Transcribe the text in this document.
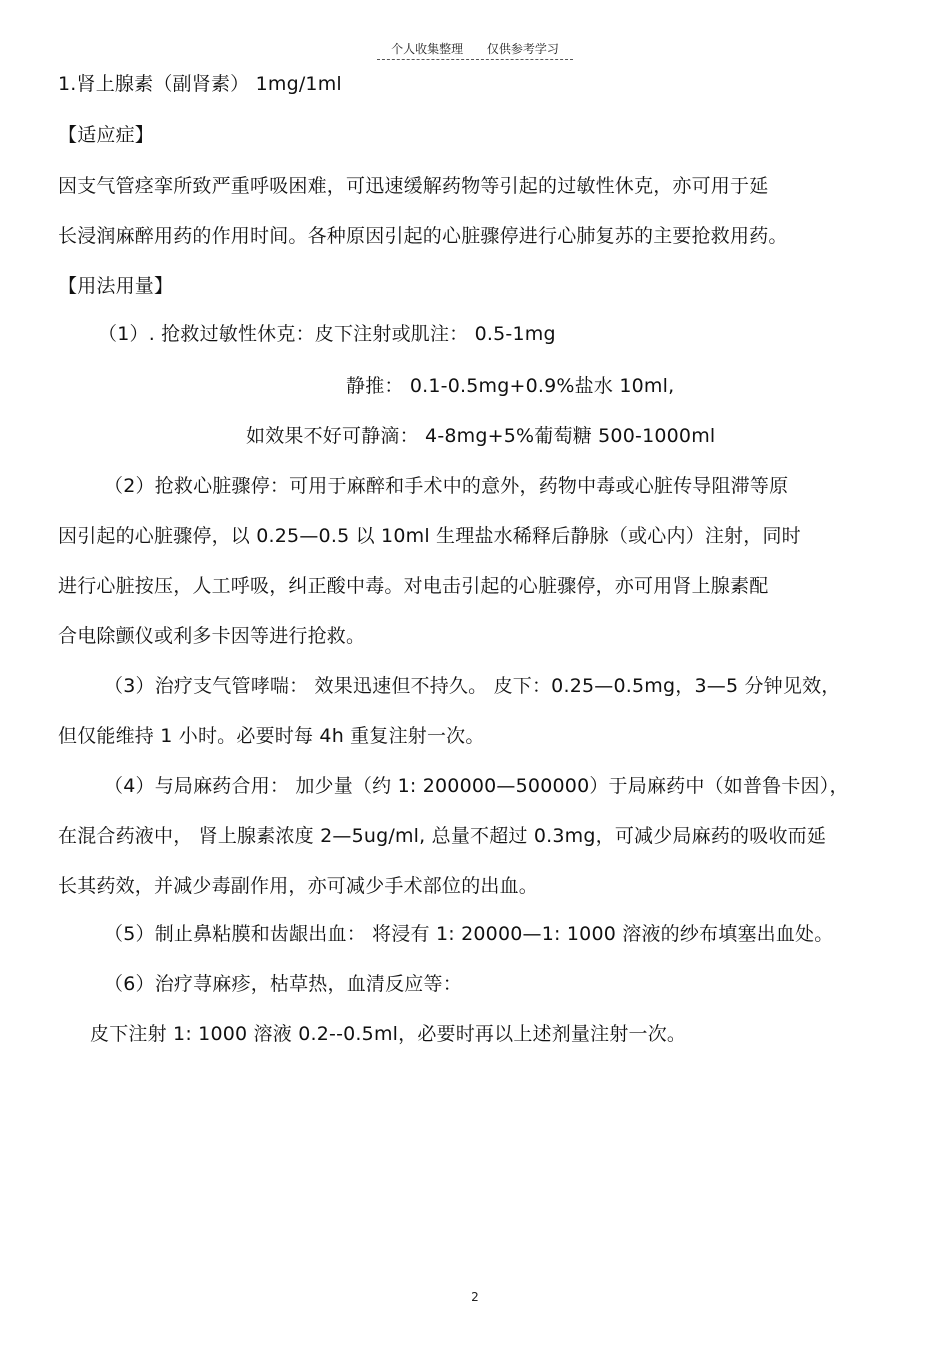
个人收集整理 仅供参考学习
1.肾上腺素（副肾素） 1mg/1ml
【适应症】
因支气管痉挛所致严重呼吸困难，可迅速缓解药物等引起的过敏性休克，亦可用于延
长浸润麻醉用药的作用时间。各种原因引起的心脏骤停进行心肺复苏的主要抢救用药。
【用法用量】
（1）. 抢救过敏性休克：皮下注射或肌注： 0.5-1mg
静推： 0.1-0.5mg+0.9%盐水 10ml,
如效果不好可静滴： 4-8mg+5%葡萄糖 500-1000ml
（2）抢救心脏骤停：可用于麻醉和手术中的意外，药物中毒或心脏传导阻滞等原
因引起的心脏骤停，以 0.25—0.5 以 10ml 生理盐水稀释后静脉（或心内）注射，同时
进行心脏按压，人工呼吸，纠正酸中毒。对电击引起的心脏骤停，亦可用肾上腺素配
合电除颤仪或利多卡因等进行抢救。
（3）治疗支气管哮喘： 效果迅速但不持久。 皮下：0.25—0.5mg，3—5 分钟见效，
但仅能维持 1 小时。必要时每 4h 重复注射一次。
（4）与局麻药合用： 加少量（约 1: 200000—500000）于局麻药中（如普鲁卡因），
在混合药液中， 肾上腺素浓度 2—5ug/ml, 总量不超过 0.3mg，可减少局麻药的吸收而延
长其药效，并减少毒副作用，亦可减少手术部位的出血。
（5）制止鼻粘膜和齿龈出血： 将浸有 1: 20000—1: 1000 溶液的纱布填塞出血处。
（6）治疗荨麻疹，枯草热，血清反应等：
皮下注射 1: 1000 溶液 0.2--0.5ml，必要时再以上述剂量注射一次。
2
